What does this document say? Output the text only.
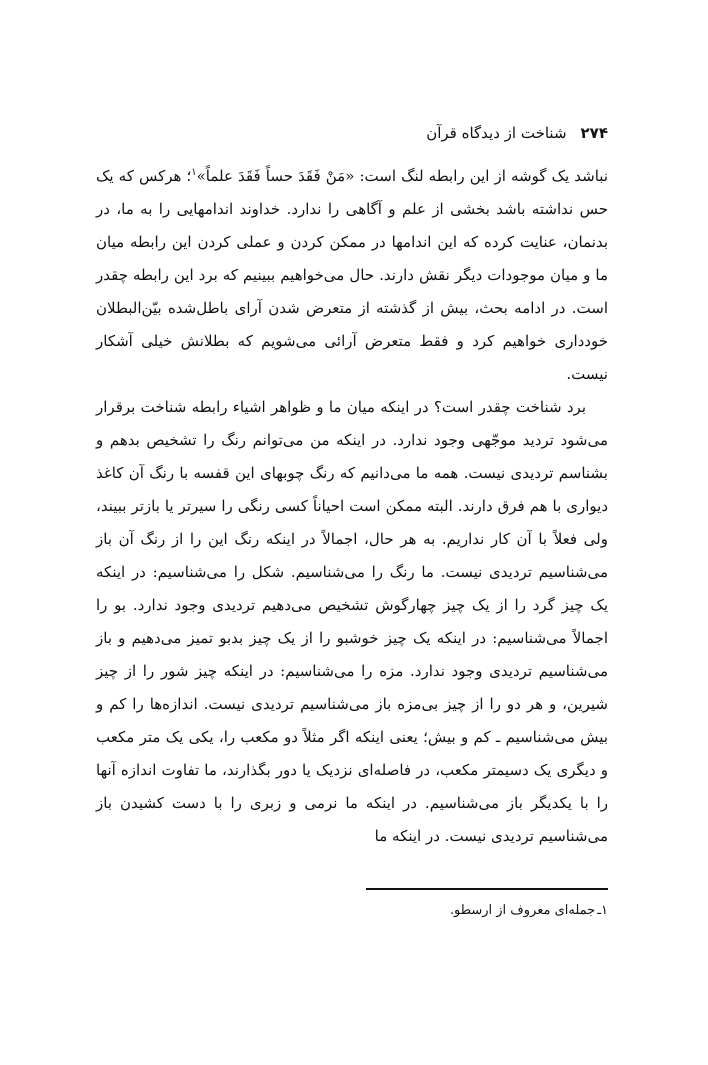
۲۷۴
شناخت از دیدگاه قرآن

نباشد یک گوشه از این رابطه لنگ است: «مَنْ فَقَدَ حساً فَقَدَ علماً»$^۱$؛ هرکس که یک حس نداشته باشد بخشی از علم و آگاهی را ندارد. خداوند اندامهایی را به ما، در بدنمان، عنایت کرده که این اندامها در ممکن کردن و عملی کردن این رابطه میان ما و میان موجودات دیگر نقش دارند. حال می‌خواهیم ببینیم که برد این رابطه چقدر است. در ادامه بحث، بیش از گذشته از متعرض شدن آرای باطل‌شده بیّن‌البطلان خودداری خواهیم کرد و فقط متعرض آرائی می‌شویم که بطلانش خیلی آشکار نیست.

برد شناخت چقدر است؟ در اینکه میان ما و ظواهر اشیاء رابطه شناخت برقرار می‌شود تردید موجّهی وجود ندارد. در اینکه من می‌توانم رنگ را تشخیص بدهم و بشناسم تردیدی نیست. همه ما می‌دانیم که رنگ چوبهای این قفسه با رنگ آن کاغذ دیواری با هم فرق دارند. البته ممکن است احیاناً کسی رنگی را سیرتر یا بازتر ببیند، ولی فعلاً با آن کار نداریم. به هر حال، اجمالاً در اینکه رنگ این را از رنگ آن باز می‌شناسیم تردیدی نیست. ما رنگ را می‌شناسیم. شکل را می‌شناسیم: در اینکه یک چیز گرد را از یک چیز چهارگوش تشخیص می‌دهیم تردیدی وجود ندارد. بو را اجمالاً می‌شناسیم: در اینکه یک چیز خوشبو را از یک چیز بدبو تمیز می‌دهیم و باز می‌شناسیم تردیدی وجود ندارد. مزه را می‌شناسیم: در اینکه چیز شور را از چیز شیرین، و هر دو را از چیز بی‌مزه باز می‌شناسیم تردیدی نیست. اندازه‌ها را کم و بیش می‌شناسیم ـ کم و بیش؛ یعنی اینکه اگر مثلاً دو مکعب را، یکی یک متر مکعب و دیگری یک دسیمتر مکعب، در فاصله‌ای نزدیک یا دور بگذارند، ما تفاوت اندازه آنها را با یکدیگر باز می‌شناسیم. در اینکه ما نرمی و زبری را با دست کشیدن باز می‌شناسیم تردیدی نیست. در اینکه ما

۱ـ
جمله‌ای معروف از ارسطو.
